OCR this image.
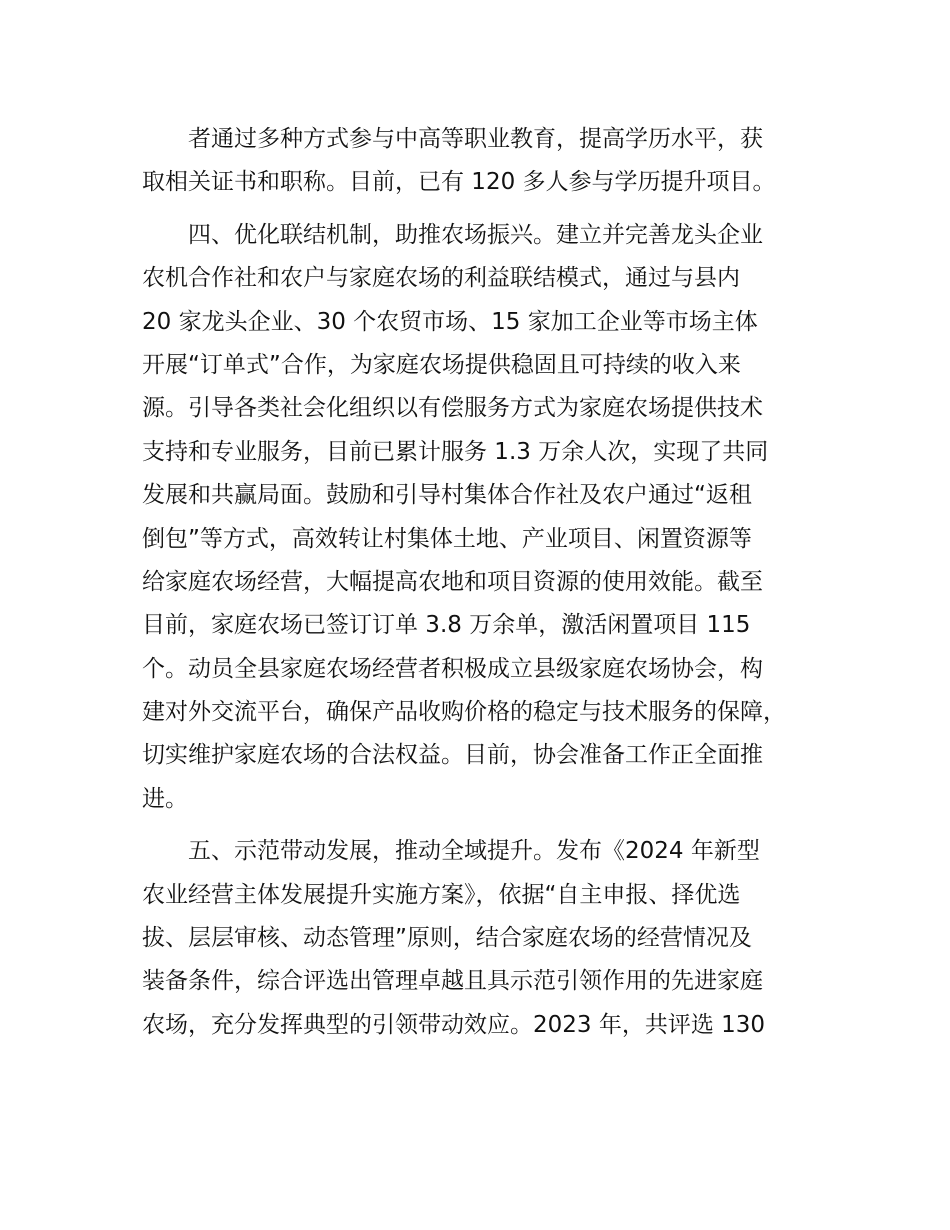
　　者通过多种方式参与中高等职业教育，提高学历水平，获
取相关证书和职称。目前，已有 120 多人参与学历提升项目。
　　四、优化联结机制，助推农场振兴。建立并完善龙头企业
农机合作社和农户与家庭农场的利益联结模式，通过与县内
20 家龙头企业、30 个农贸市场、15 家加工企业等市场主体
开展“订单式”合作，为家庭农场提供稳固且可持续的收入来
源。引导各类社会化组织以有偿服务方式为家庭农场提供技术
支持和专业服务，目前已累计服务 1.3 万余人次，实现了共同
发展和共赢局面。鼓励和引导村集体合作社及农户通过“返租
倒包”等方式，高效转让村集体土地、产业项目、闲置资源等
给家庭农场经营，大幅提高农地和项目资源的使用效能。截至
目前，家庭农场已签订订单 3.8 万余单，激活闲置项目 115
个。动员全县家庭农场经营者积极成立县级家庭农场协会，构
建对外交流平台，确保产品收购价格的稳定与技术服务的保障，
切实维护家庭农场的合法权益。目前，协会准备工作正全面推
进。
　　五、示范带动发展，推动全域提升。发布《2024 年新型
农业经营主体发展提升实施方案》，依据“自主申报、择优选
拔、层层审核、动态管理”原则，结合家庭农场的经营情况及
装备条件，综合评选出管理卓越且具示范引领作用的先进家庭
农场，充分发挥典型的引领带动效应。2023 年，共评选 130
